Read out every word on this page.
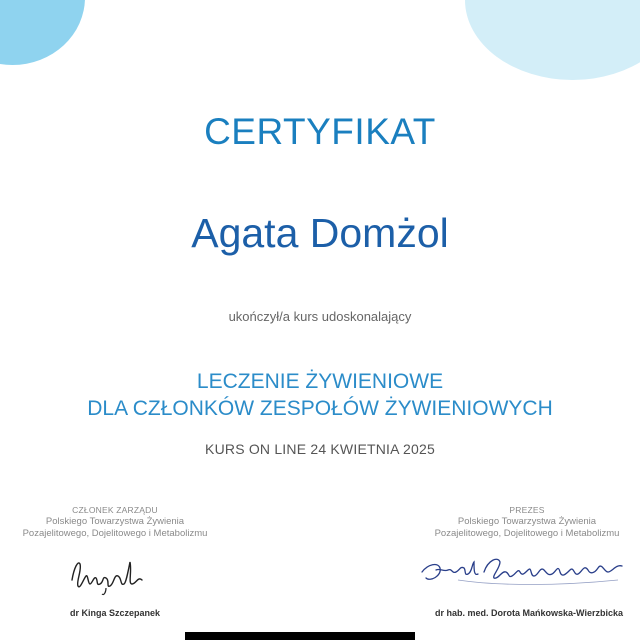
CERTYFIKAT
Agata Domżol
ukończył/a kurs udoskonalający
LECZENIE ŻYWIENIOWE
DLA CZŁONKÓW ZESPOŁÓW ŻYWIENIOWYCH
KURS ON LINE 24 KWIETNIA 2025
CZŁONEK ZARZĄDU
Polskiego Towarzystwa Żywienia
Pozajelitowego, Dojelitowego i Metabolizmu
PREZES
Polskiego Towarzystwa Żywienia
Pozajelitowego, Dojelitowego i Metabolizmu
dr Kinga Szczepanek	dr hab. med. Dorota Mańkowska-Wierzbicka
